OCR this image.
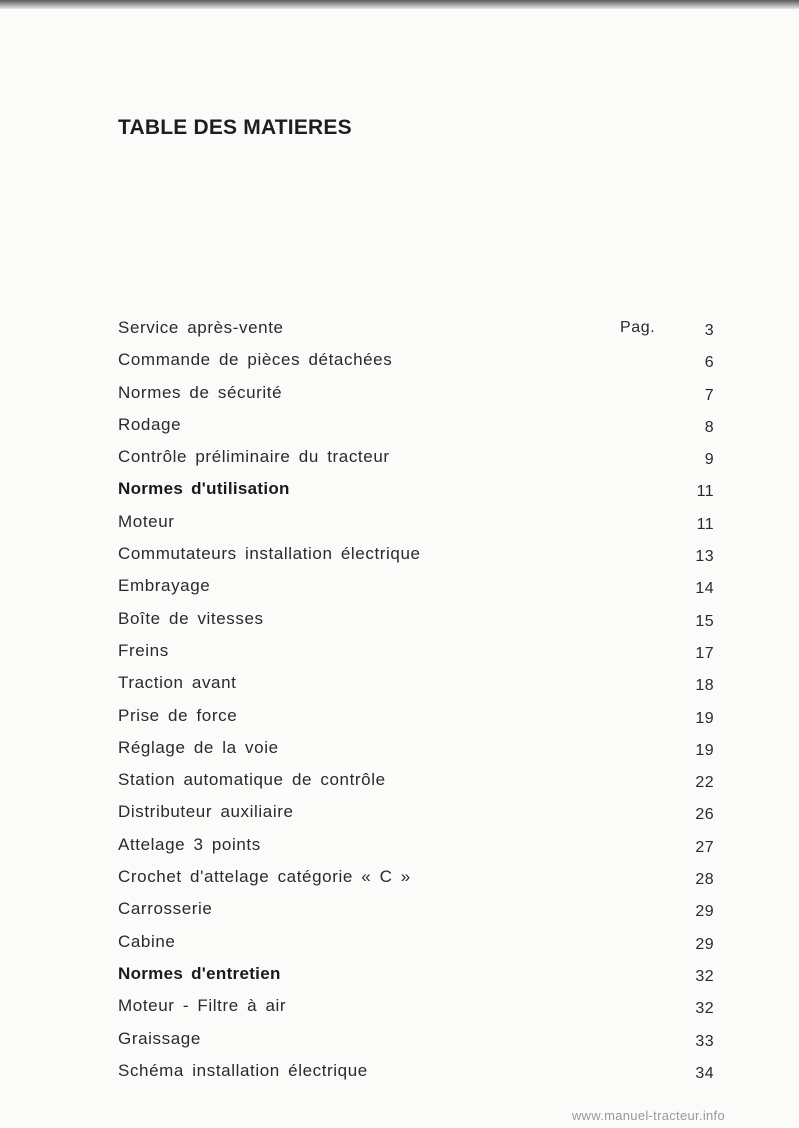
TABLE DES MATIERES
Service après-vente	Pag.	3
Commande de pièces détachées	6
Normes de sécurité	7
Rodage	8
Contrôle préliminaire du tracteur	9
Normes d'utilisation	11
Moteur	11
Commutateurs installation électrique	13
Embrayage	14
Boîte de vitesses	15
Freins	17
Traction avant	18
Prise de force	19
Réglage de la voie	19
Station automatique de contrôle	22
Distributeur auxiliaire	26
Attelage 3 points	27
Crochet d'attelage catégorie « C »	28
Carrosserie	29
Cabine	29
Normes d'entretien	32
Moteur - Filtre à air	32
Graissage	33
Schéma installation électrique	34
www.manuel-tracteur.info
